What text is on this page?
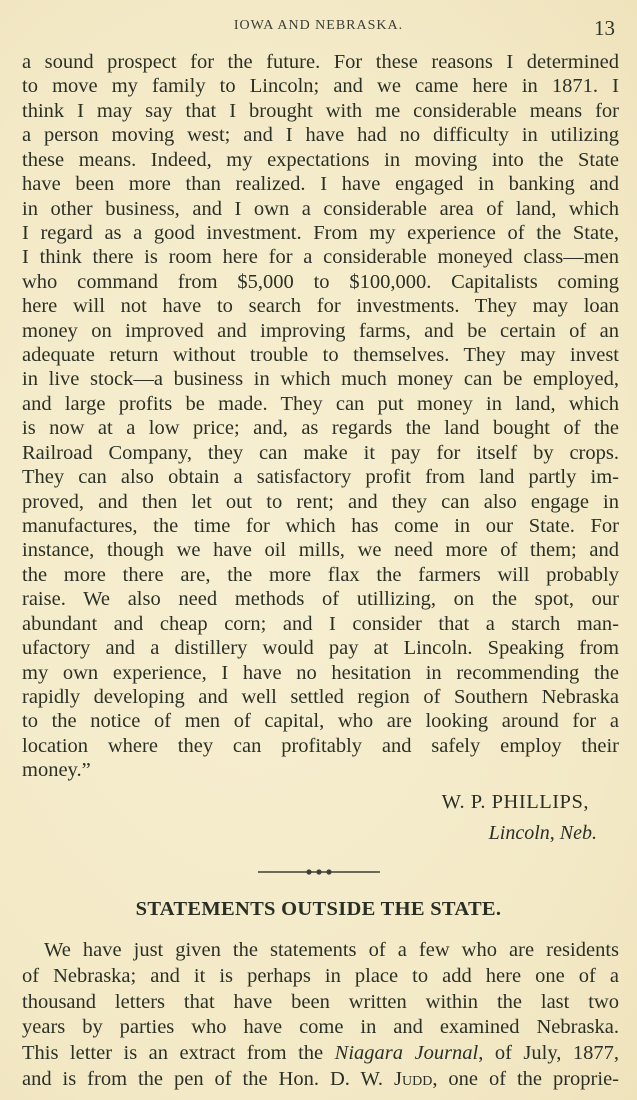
IOWA AND NEBRASKA.	13
a sound prospect for the future. For these reasons I determined
to move my family to Lincoln; and we came here in 1871. I
think I may say that I brought with me considerable means for
a person moving west; and I have had no difficulty in utilizing
these means. Indeed, my expectations in moving into the State
have been more than realized. I have engaged in banking and
in other business, and I own a considerable area of land, which
I regard as a good investment. From my experience of the State,
I think there is room here for a considerable moneyed class—men
who command from $5,000 to $100,000. Capitalists coming
here will not have to search for investments. They may loan
money on improved and improving farms, and be certain of an
adequate return without trouble to themselves. They may invest
in live stock—a business in which much money can be employed,
and large profits be made. They can put money in land, which
is now at a low price; and, as regards the land bought of the
Railroad Company, they can make it pay for itself by crops.
They can also obtain a satisfactory profit from land partly im-
proved, and then let out to rent; and they can also engage in
manufactures, the time for which has come in our State. For
instance, though we have oil mills, we need more of them; and
the more there are, the more flax the farmers will probably
raise. We also need methods of utillizing, on the spot, our
abundant and cheap corn; and I consider that a starch man-
ufactory and a distillery would pay at Lincoln. Speaking from
my own experience, I have no hesitation in recommending the
rapidly developing and well settled region of Southern Nebraska
to the notice of men of capital, who are looking around for a
location where they can profitably and safely employ their
money.”
W. P. PHILLIPS,
Lincoln, Neb.
STATEMENTS OUTSIDE THE STATE.
We have just given the statements of a few who are residents
of Nebraska; and it is perhaps in place to add here one of a
thousand letters that have been written within the last two
years by parties who have come in and examined Nebraska.
This letter is an extract from the Niagara Journal, of July, 1877,
and is from the pen of the Hon. D. W. Judd, one of the proprie-
